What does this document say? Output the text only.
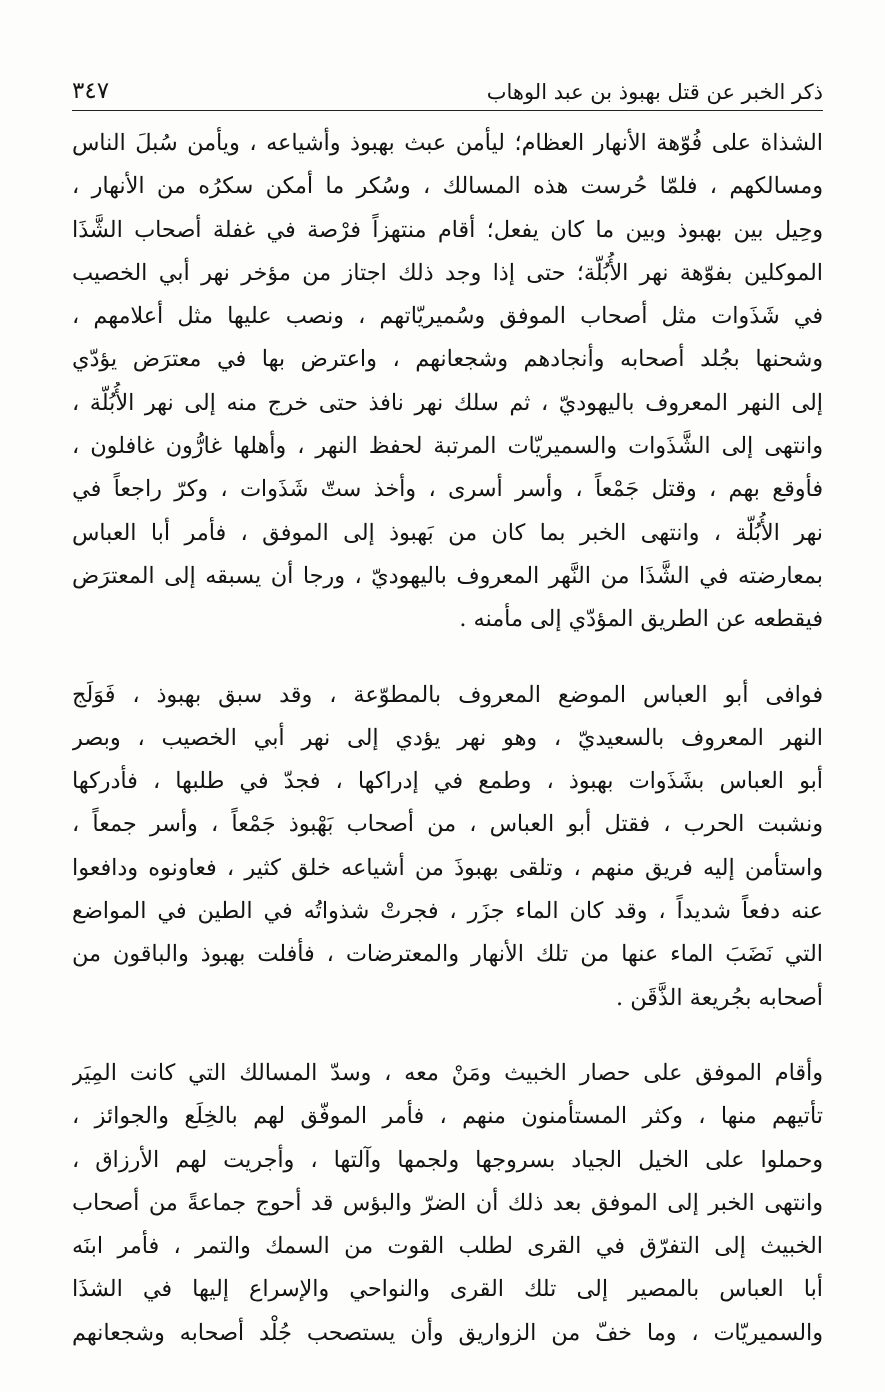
ذكر الخبر عن قتل بهبوذ بن عبد الوهاب
٣٤٧
الشذاة على فُوّهة الأنهار العظام؛ ليأمن عبث بهبوذ وأشياعه ، ويأمن سُبلَ الناس
ومسالكهم ، فلمّا حُرست هذه المسالك ، وسُكر ما أمكن سكرُه من الأنهار ،
وحِيل بين بهبوذ وبين ما كان يفعل؛ أقام منتهزاً فرْصة في غفلة أصحاب الشَّذَا
الموكلين بفوّهة نهر الأُبُلّة؛ حتى إذا وجد ذلك اجتاز من مؤخر نهر أبي الخصيب
في شَذَوات مثل أصحاب الموفق وسُميريّاتهم ، ونصب عليها مثل أعلامهم ،
وشحنها بجُلد أصحابه وأنجادهم وشجعانهم ، واعترض بها في معترَض يؤدّي
إلى النهر المعروف باليهوديّ ، ثم سلك نهر نافذ حتى خرج منه إلى نهر الأُبُلّة ،
وانتهى إلى الشَّذَوات والسميريّات المرتبة لحفظ النهر ، وأهلها غارُّون غافلون ،
فأوقع بهم ، وقتل جَمْعاً ، وأسر أسرى ، وأخذ ستّ شَذَوات ، وكرّ راجعاً في
نهر الأُبُلّة ، وانتهى الخبر بما كان من بَهبوذ إلى الموفق ، فأمر أبا العباس
بمعارضته في الشَّذَا من النَّهر المعروف باليهوديّ ، ورجا أن يسبقه إلى المعترَض
فيقطعه عن الطريق المؤدّي إلى مأمنه .
فوافى أبو العباس الموضع المعروف بالمطوّعة ، وقد سبق بهبوذ ، فَوَلَج
النهر المعروف بالسعيديّ ، وهو نهر يؤدي إلى نهر أبي الخصيب ، وبصر
أبو العباس بشَذَوات بهبوذ ، وطمع في إدراكها ، فجدّ في طلبها ، فأدركها
ونشبت الحرب ، فقتل أبو العباس ، من أصحاب بَهْبوذ جَمْعاً ، وأسر جمعاً ،
واستأمن إليه فريق منهم ، وتلقى بهبوذَ من أشياعه خلق كثير ، فعاونوه ودافعوا
عنه دفعاً شديداً ، وقد كان الماء جزَر ، فجرتْ شذواتُه في الطين في المواضع
التي نَضَبَ الماء عنها من تلك الأنهار والمعترضات ، فأفلت بهبوذ والباقون من
أصحابه بجُريعة الذَّقَن .
وأقام الموفق على حصار الخبيث ومَنْ معه ، وسدّ المسالك التي كانت المِيَر
تأتيهم منها ، وكثر المستأمنون منهم ، فأمر الموفّق لهم بالخِلَع والجوائز ،
وحملوا على الخيل الجياد بسروجها ولجمها وآلتها ، وأجريت لهم الأرزاق ،
وانتهى الخبر إلى الموفق بعد ذلك أن الضرّ والبؤس قد أحوج جماعةً من أصحاب
الخبيث إلى التفرّق في القرى لطلب القوت من السمك والتمر ، فأمر ابنَه
أبا العباس بالمصير إلى تلك القرى والنواحي والإسراع إليها في الشذَا
والسميريّات ، وما خفّ من الزواريق وأن يستصحب جُلْد أصحابه وشجعانهم
